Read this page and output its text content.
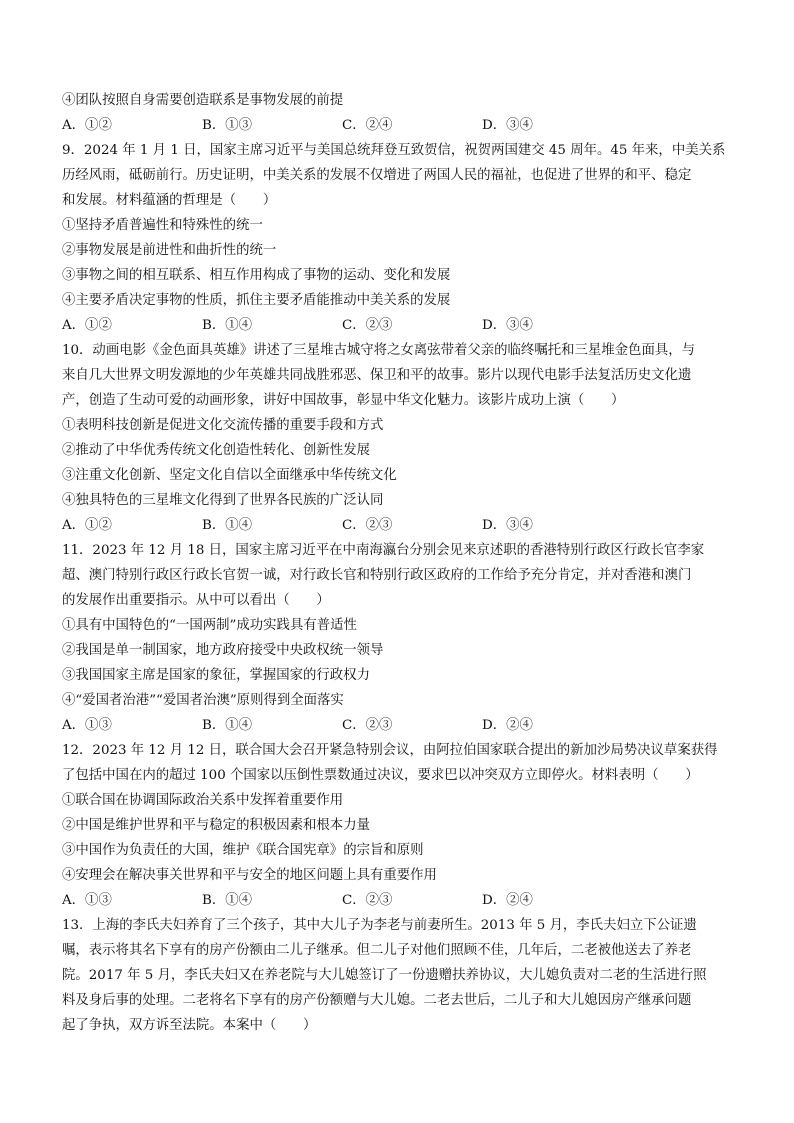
④团队按照自身需要创造联系是事物发展的前提
A．①②	B．①③	C．②④	D．③④
9．2024 年 1 月 1 日，国家主席习近平与美国总统拜登互致贺信，祝贺两国建交 45 周年。45 年来，中美关系
历经风雨，砥砺前行。历史证明，中美关系的发展不仅增进了两国人民的福祉，也促进了世界的和平、稳定
和发展。材料蕴涵的哲理是（　　）
①坚持矛盾普遍性和特殊性的统一
②事物发展是前进性和曲折性的统一
③事物之间的相互联系、相互作用构成了事物的运动、变化和发展
④主要矛盾决定事物的性质，抓住主要矛盾能推动中美关系的发展
A．①②	B．①④	C．②③	D．③④
10．动画电影《金色面具英雄》讲述了三星堆古城守将之女离弦带着父亲的临终嘱托和三星堆金色面具，与
来自几大世界文明发源地的少年英雄共同战胜邪恶、保卫和平的故事。影片以现代电影手法复活历史文化遗
产，创造了生动可爱的动画形象，讲好中国故事，彰显中华文化魅力。该影片成功上演（　　）
①表明科技创新是促进文化交流传播的重要手段和方式
②推动了中华优秀传统文化创造性转化、创新性发展
③注重文化创新、坚定文化自信以全面继承中华传统文化
④独具特色的三星堆文化得到了世界各民族的广泛认同
A．①②	B．①④	C．②③	D．③④
11．2023 年 12 月 18 日，国家主席习近平在中南海瀛台分别会见来京述职的香港特别行政区行政长官李家
超、澳门特别行政区行政长官贺一诚，对行政长官和特别行政区政府的工作给予充分肯定，并对香港和澳门
的发展作出重要指示。从中可以看出（　　）
①具有中国特色的“一国两制”成功实践具有普适性
②我国是单一制国家，地方政府接受中央政权统一领导
③我国国家主席是国家的象征，掌握国家的行政权力
④“爱国者治港”“爱国者治澳”原则得到全面落实
A．①③	B．①④	C．②③	D．②④
12．2023 年 12 月 12 日，联合国大会召开紧急特别会议，由阿拉伯国家联合提出的新加沙局势决议草案获得
了包括中国在内的超过 100 个国家以压倒性票数通过决议，要求巴以冲突双方立即停火。材料表明（　　）
①联合国在协调国际政治关系中发挥着重要作用
②中国是维护世界和平与稳定的积极因素和根本力量
③中国作为负责任的大国，维护《联合国宪章》的宗旨和原则
④安理会在解决事关世界和平与安全的地区问题上具有重要作用
A．①③	B．①④	C．②③	D．②④
13．上海的李氏夫妇养育了三个孩子，其中大儿子为李老与前妻所生。2013 年 5 月，李氏夫妇立下公证遗
嘱，表示将其名下享有的房产份额由二儿子继承。但二儿子对他们照顾不佳，几年后，二老被他送去了养老
院。2017 年 5 月，李氏夫妇又在养老院与大儿媳签订了一份遗赠扶养协议，大儿媳负责对二老的生活进行照
料及身后事的处理。二老将名下享有的房产份额赠与大儿媳。二老去世后，二儿子和大儿媳因房产继承问题
起了争执，双方诉至法院。本案中（　　）
